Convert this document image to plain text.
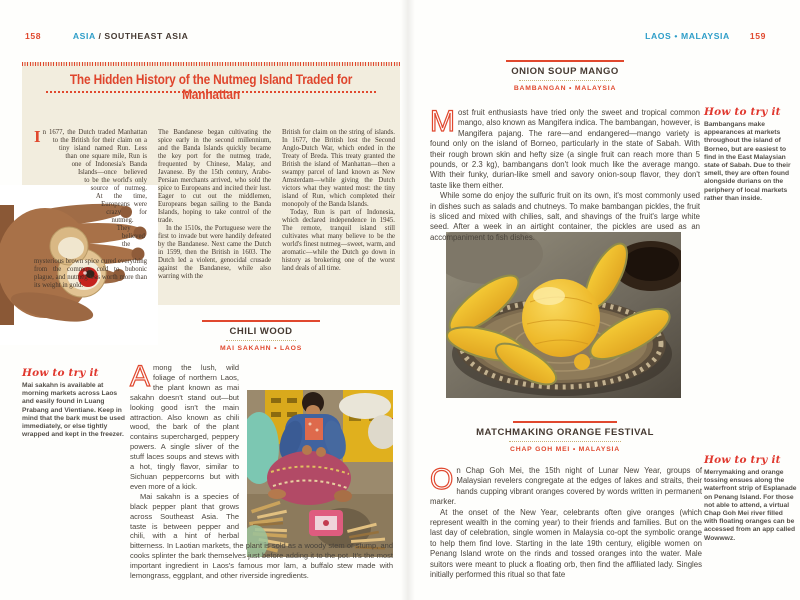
158	ASIA / SOUTHEAST ASIA
The Hidden History of the Nutmeg Island Traded for Manhattan
I n 1677, the Dutch traded Manhattan to the British for their claim on a tiny island named Run. Less than one square mile, Run is one of Indonesia's Banda Islands—once believed to be the world's only source of nutmeg. At the time, Europeans were crazy for nutmeg. They believed the mysterious brown spice cured everything from the common cold to bubonic plague, and nutmeg was worth more than its weight in gold.

The Bandanese began cultivating the spice early in the second millennium, and the Banda Islands quickly became the key port for the nutmeg trade, frequented by Chinese, Malay, and Javanese. By the 15th century, Arabo-Persian merchants arrived, who sold the spice to Europeans and incited their lust. Eager to cut out the middlemen, Europeans began sailing to the Banda Islands, hoping to take control of the trade.

In the 1510s, the Portuguese were the first to invade but were handily defeated by the Bandanese. Next came the Dutch in 1599, then the British in 1603. The Dutch led a violent, genocidal crusade against the Bandanese, while also warring with the

British for claim on the string of islands. In 1677, the British lost the Second Anglo-Dutch War, which ended in the Treaty of Breda. This treaty granted the British the island of Manhattan—then a swampy parcel of land known as New Amsterdam—while giving the Dutch victors what they wanted most: the tiny island of Run, which completed their monopoly of the Banda Islands.

Today, Run is part of Indonesia, which declared independence in 1945. The remote, tranquil island still cultivates what many believe to be the world's finest nutmeg—sweet, warm, and aromatic—while the Dutch go down in history as brokering one of the worst land deals of all time.

How to try it
Mai sakahn is available at morning markets across Laos and easily found in Luang Prabang and Vientiane. Keep in mind that the bark must be used immediately, or else tightly wrapped and kept in the freezer.
CHILI WOOD
MAI SAKAHN • LAOS

Among the lush, wild foliage of northern Laos, the plant known as mai sakahn doesn't stand out—but looking good isn't the main attraction. Also known as chili wood, the bark of the plant contains supercharged, peppery powers. A single sliver of the stuff laces soups and stews with a hot, tingly flavor, similar to Sichuan peppercorns but with even more of a kick.

Mai sakahn is a species of black pepper plant that grows across Southeast Asia. The taste is between pepper and chili, with a hint of herbal bitterness. In Laotian markets, the plant is sold as a woody stem or stump, and cooks splinter the bark themselves just before adding it to the pot. It's the most important ingredient in Laos's famous mor lam, a buffalo stew made with lemongrass, eggplant, and other riverside ingredients.

LAOS • MALAYSIA 159
ONION SOUP MANGO
BAMBANGAN • MALAYSIA

Most fruit enthusiasts have tried only the sweet and tropical common mango, also known as Mangifera indica. The bambangan, however, is Mangifera pajang. The rare—and endangered—mango variety is found only on the island of Borneo, particularly in the state of Sabah. With their rough brown skin and hefty size (a single fruit can reach more than 5 pounds, or 2.3 kg), bambangans don't look much like the average mango. With their funky, durian-like smell and savory onion-soup flavor, they don't taste like them either.

While some do enjoy the sulfuric fruit on its own, it's most commonly used in dishes such as salads and chutneys. To make bambangan pickles, the fruit is sliced and mixed with chilies, salt, and shavings of the fruit's large white seed. After a week in an airtight container, the pickles are used as an accompaniment to fish dishes.

How to try it
Bambangans make appearances at markets throughout the island of Borneo, but are easiest to find in the East Malaysian state of Sabah. Due to their smell, they are often found alongside durians on the periphery of local markets rather than inside.
MATCHMAKING ORANGE FESTIVAL
CHAP GOH MEI • MALAYSIA

On Chap Goh Mei, the 15th night of Lunar New Year, groups of Malaysian revelers congregate at the edges of lakes and straits, their hands cupping vibrant oranges covered by words written in permanent marker.

At the onset of the New Year, celebrants often give oranges (which represent wealth in the coming year) to their friends and families. But on the last day of celebration, single women in Malaysia co-opt the symbolic orange to help them find love. Starting in the late 19th century, eligible women on Penang Island wrote on the rinds and tossed oranges into the water. Male suitors were meant to pluck a floating orb, then find the affiliated lady. Singles initially performed this ritual so that fate

How to try it
Merrymaking and orange tossing ensues along the waterfront strip of Esplanade on Penang Island. For those not able to attend, a virtual Chap Goh Mei river filled with floating oranges can be accessed from an app called Wowwwz.
